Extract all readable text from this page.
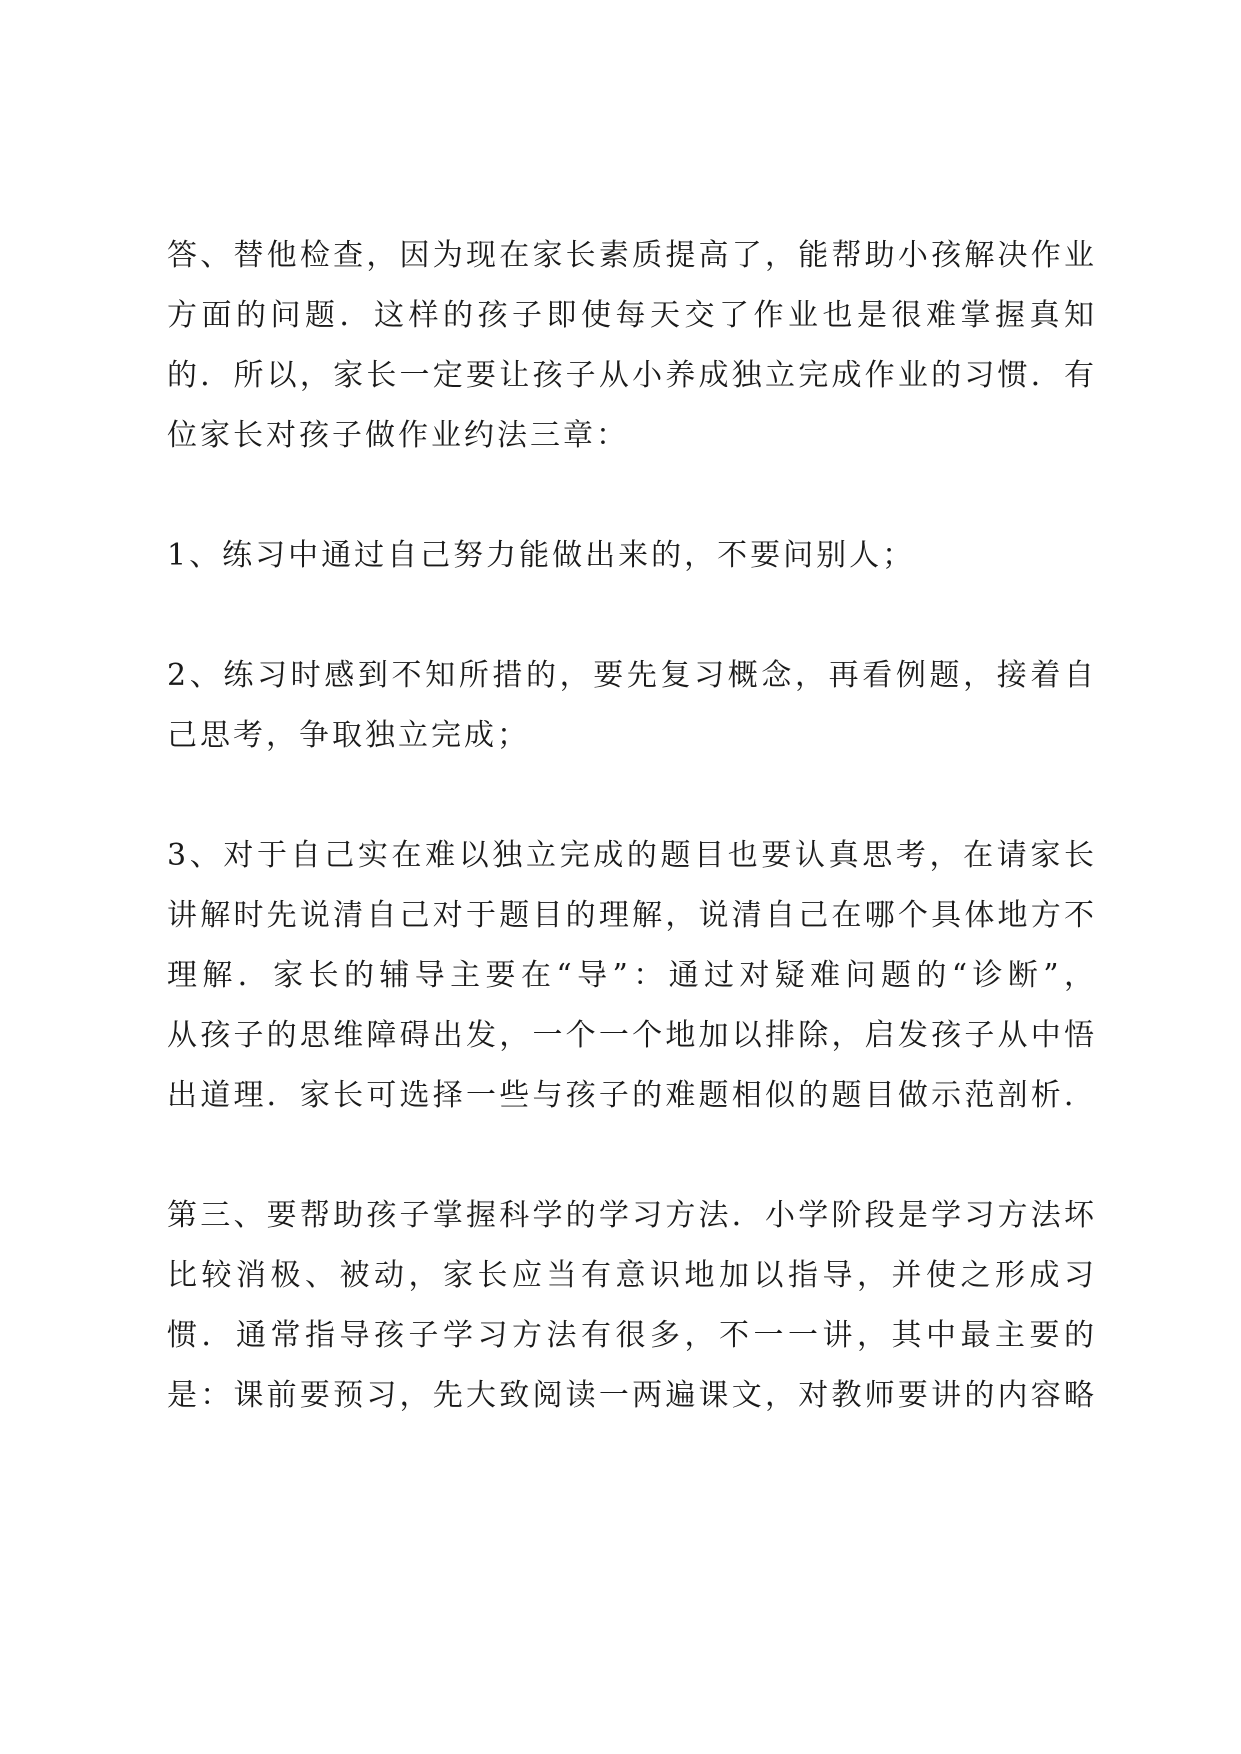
答、替他检查，因为现在家长素质提高了，能帮助小孩解决作业
方面的问题．这样的孩子即使每天交了作业也是很难掌握真知
的．所以，家长一定要让孩子从小养成独立完成作业的习惯．有
位家长对孩子做作业约法三章：
1、练习中通过自己努力能做出来的，不要问别人；
2、练习时感到不知所措的，要先复习概念，再看例题，接着自
己思考，争取独立完成；
3、对于自己实在难以独立完成的题目也要认真思考，在请家长
讲解时先说清自己对于题目的理解，说清自己在哪个具体地方不
理解．家长的辅导主要在“导”：通过对疑难问题的“诊断”，
从孩子的思维障碍出发，一个一个地加以排除，启发孩子从中悟
出道理．家长可选择一些与孩子的难题相似的题目做示范剖析．
第三、要帮助孩子掌握科学的学习方法．小学阶段是学习方法坏
比较消极、被动，家长应当有意识地加以指导，并使之形成习
惯．通常指导孩子学习方法有很多，不一一讲，其中最主要的
是：课前要预习，先大致阅读一两遍课文，对教师要讲的内容略
